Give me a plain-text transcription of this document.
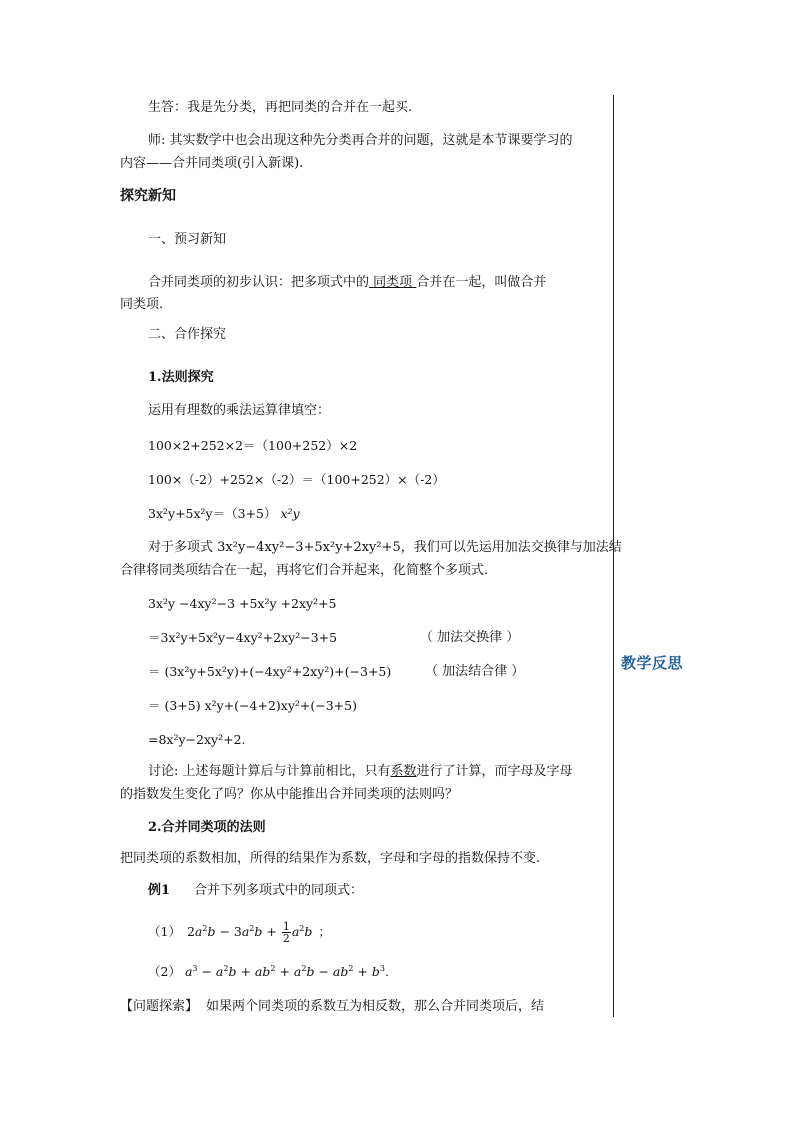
教学反思
生答：我是先分类，再把同类的合并在一起买.
师: 其实数学中也会出现这种先分类再合并的问题，这就是本节课要学习的
内容——合并同类项(引入新课).
探究新知
一、预习新知
合并同类项的初步认识：把多项式中的 同类项 合并在一起，叫做合并
同类项.
二、合作探究
1.法则探究
运用有理数的乘法运算律填空：
100×2+252×2＝（100+252）×2
100×（-2）+252×（-2）＝（100+252）×（-2）
3x²y+5x²y＝（3+5） x²y
对于多项式 3x²y−4xy²−3+5x²y+2xy²+5，我们可以先运用加法交换律与加法结
合律将同类项结合在一起，再将它们合并起来，化简整个多项式.
3x²y −4xy²−3 +5x²y +2xy²+5
＝3x²y+5x²y−4xy²+2xy²−3+5	（ 加法交换律 ）
＝ (3x²y+5x²y)+(−4xy²+2xy²)+(−3+5)	（ 加法结合律 ）
＝ (3+5) x²y+(−4+2)xy²+(−3+5)
=8x²y−2xy²+2.
讨论: 上述每题计算后与计算前相比，只有系数进行了计算，而字母及字母
的指数发生变化了吗？你从中能推出合并同类项的法则吗？
2.合并同类项的法则
把同类项的系数相加，所得的结果作为系数，字母和字母的指数保持不变.
例1 合并下列多项式中的同项式：
（1） $2a^2b - 3a^2b + \frac{1}{2} a^2b$ ；
（2） $a^3 - a^2b + ab^2 + a^2b - ab^2 + b^3$.
【问题探索】 如果两个同类项的系数互为相反数，那么合并同类项后，结
